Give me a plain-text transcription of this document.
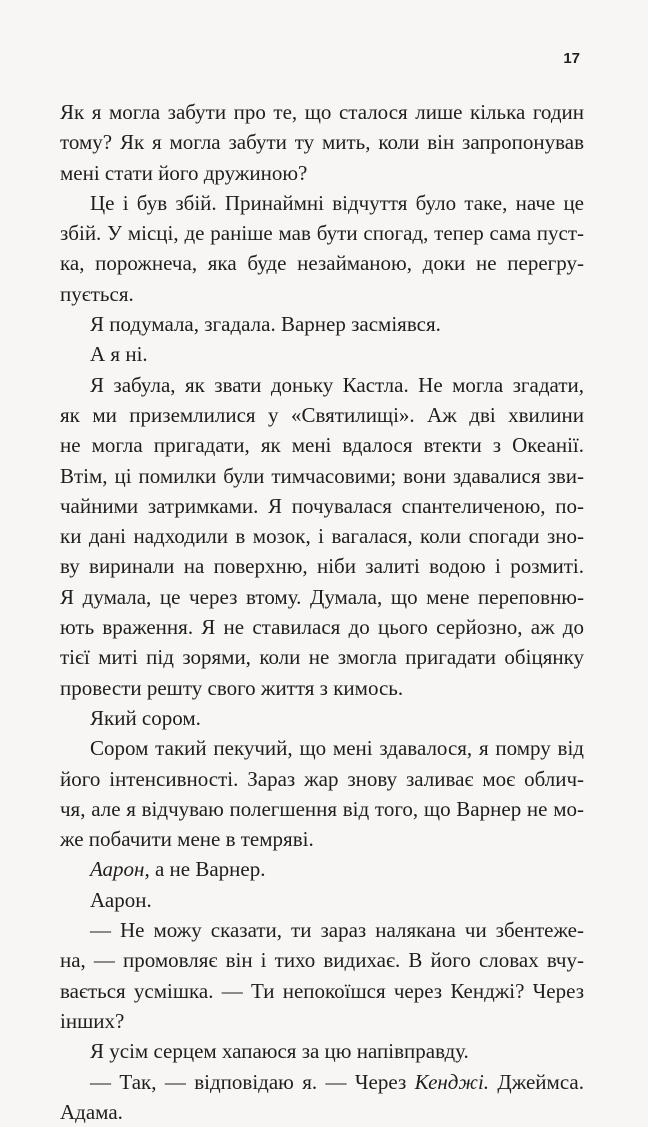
17
Як я могла забути про те, що сталося лише кілька годин
тому? Як я могла забути ту мить, коли він запропонував
мені стати його дружиною?
Це і був збій. Принаймні відчуття було таке, наче це
збій. У місці, де раніше мав бути спогад, тепер сама пуст-
ка, порожнеча, яка буде незайманою, доки не перегру-
пується.
Я подумала, згадала. Варнер засміявся.
А я ні.
Я забула, як звати доньку Кастла. Не могла згадати,
як ми приземлилися у «Святилищі». Аж дві хвилини
не могла пригадати, як мені вдалося втекти з Океанії.
Втім, ці помилки були тимчасовими; вони здавалися зви-
чайними затримками. Я почувалася спантеличеною, по-
ки дані надходили в мозок, і вагалася, коли спогади зно-
ву виринали на поверхню, ніби залиті водою і розмиті.
Я думала, це через втому. Думала, що мене переповню-
ють враження. Я не ставилася до цього серйозно, аж до
тієї миті під зорями, коли не змогла пригадати обіцянку
провести решту свого життя з кимось.
Який сором.
Сором такий пекучий, що мені здавалося, я помру від
його інтенсивності. Зараз жар знову заливає моє облич-
чя, але я відчуваю полегшення від того, що Варнер не мо-
же побачити мене в темряві.
Аарон, а не Варнер.
Аарон.
— Не можу сказати, ти зараз налякана чи збентеже-
на, — промовляє він і тихо видихає. В його словах вчу-
вається усмішка. — Ти непокоїшся через Кенджі? Через
інших?
Я усім серцем хапаюся за цю напівправду.
— Так, — відповідаю я. — Через Кенджі. Джеймса.
Адама.
